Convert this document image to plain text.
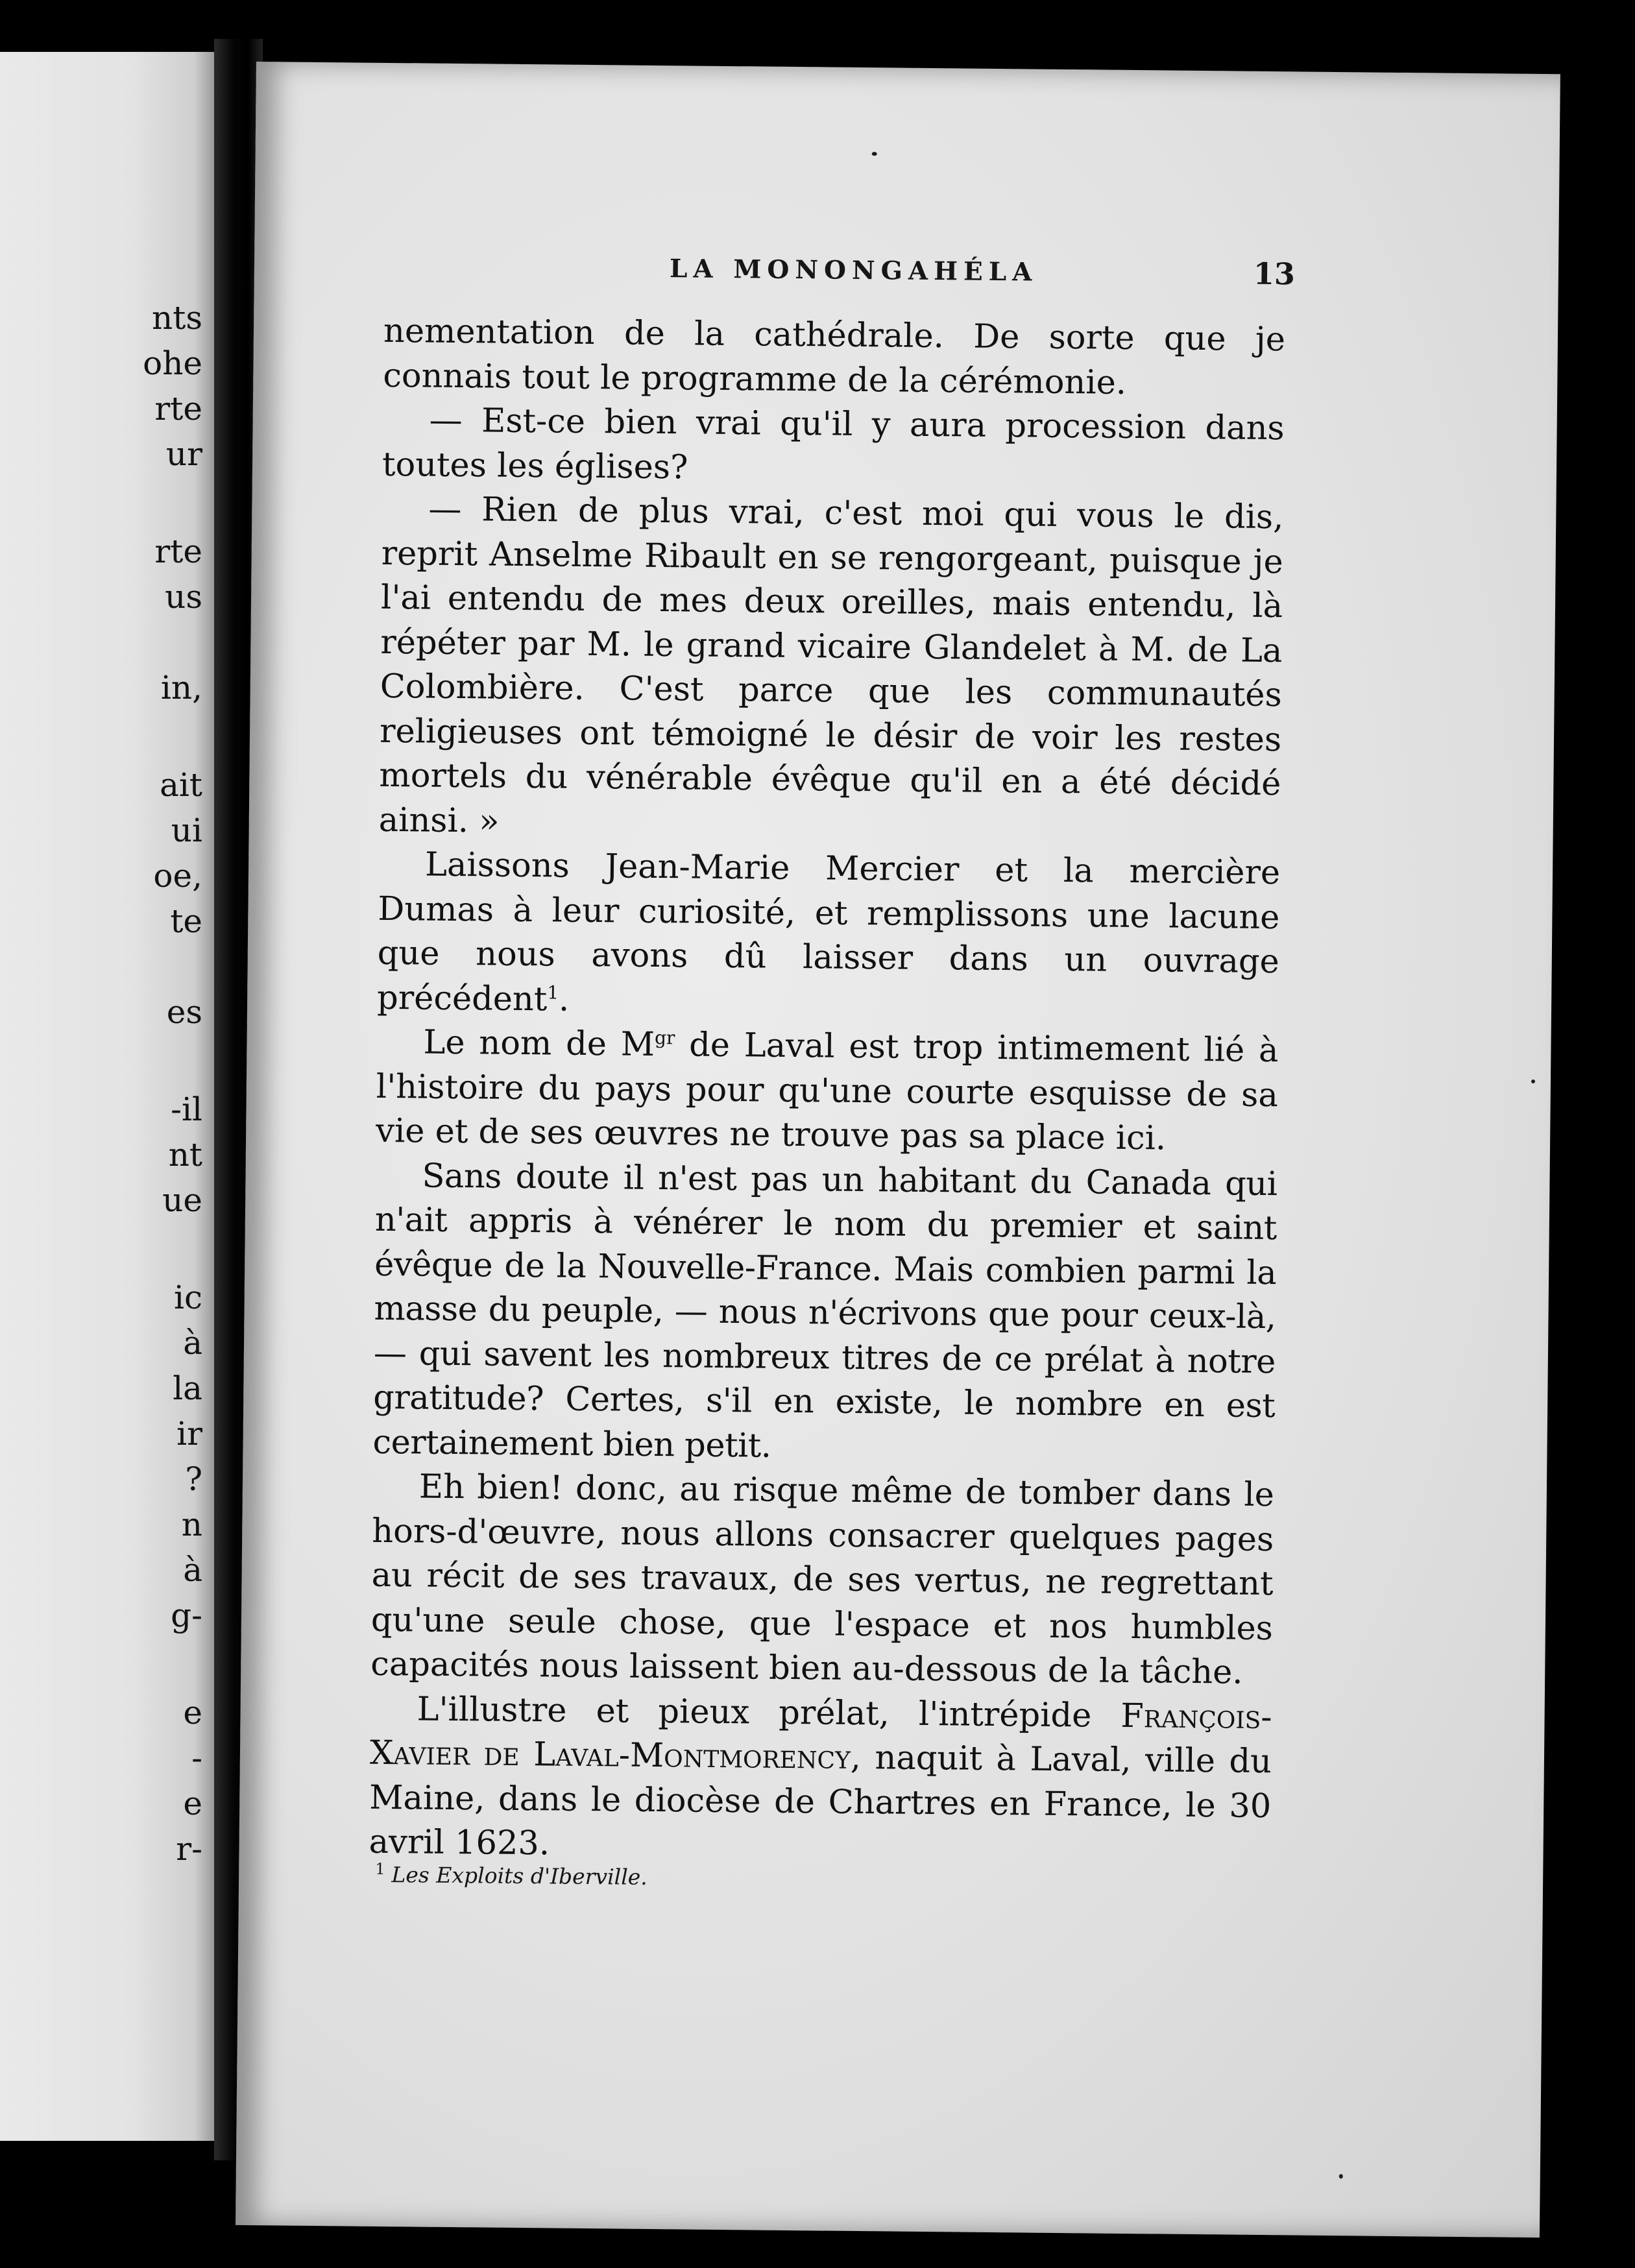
nts
ohe
rte
ur
rte
us
in,
ait
ui
oe,
te
es
-il
nt
ue
ic
à
la
ir
?
n
à
g-
e
-
e
r-
LA MONONGAHÉLA	13

nementation de la cathédrale. De sorte que je connais tout le programme de la cérémonie.

— Est-ce bien vrai qu'il y aura procession dans toutes les églises?

— Rien de plus vrai, c'est moi qui vous le dis, reprit Anselme Ribault en se rengorgeant, puisque je l'ai entendu de mes deux oreilles, mais entendu, là répéter par M. le grand vicaire Glandelet à M. de La Colombière. C'est parce que les communautés religieuses ont témoigné le désir de voir les restes mortels du vénérable évêque qu'il en a été décidé ainsi. »

Laissons Jean-Marie Mercier et la mercière Dumas à leur curiosité, et remplissons une lacune que nous avons dû laisser dans un ouvrage précédent$^1$.

Le nom de $M^{gr}$ de Laval est trop intimement lié à l'histoire du pays pour qu'une courte esquisse de sa vie et de ses œuvres ne trouve pas sa place ici.

Sans doute il n'est pas un habitant du Canada qui n'ait appris à vénérer le nom du premier et saint évêque de la Nouvelle-France. Mais combien parmi la masse du peuple, — nous n'écrivons que pour ceux-là, — qui savent les nombreux titres de ce prélat à notre gratitude? Certes, s'il en existe, le nombre en est certainement bien petit.

Eh bien! donc, au risque même de tomber dans le hors-d'œuvre, nous allons consacrer quelques pages au récit de ses travaux, de ses vertus, ne regrettant qu'une seule chose, que l'espace et nos humbles capacités nous laissent bien au-dessous de la tâche.

L'illustre et pieux prélat, l'intrépide François-Xavier de Laval-Montmorency, naquit à Laval, ville du Maine, dans le diocèse de Chartres en France, le 30 avril 1623.

$^1$ Les Exploits d'Iberville.
